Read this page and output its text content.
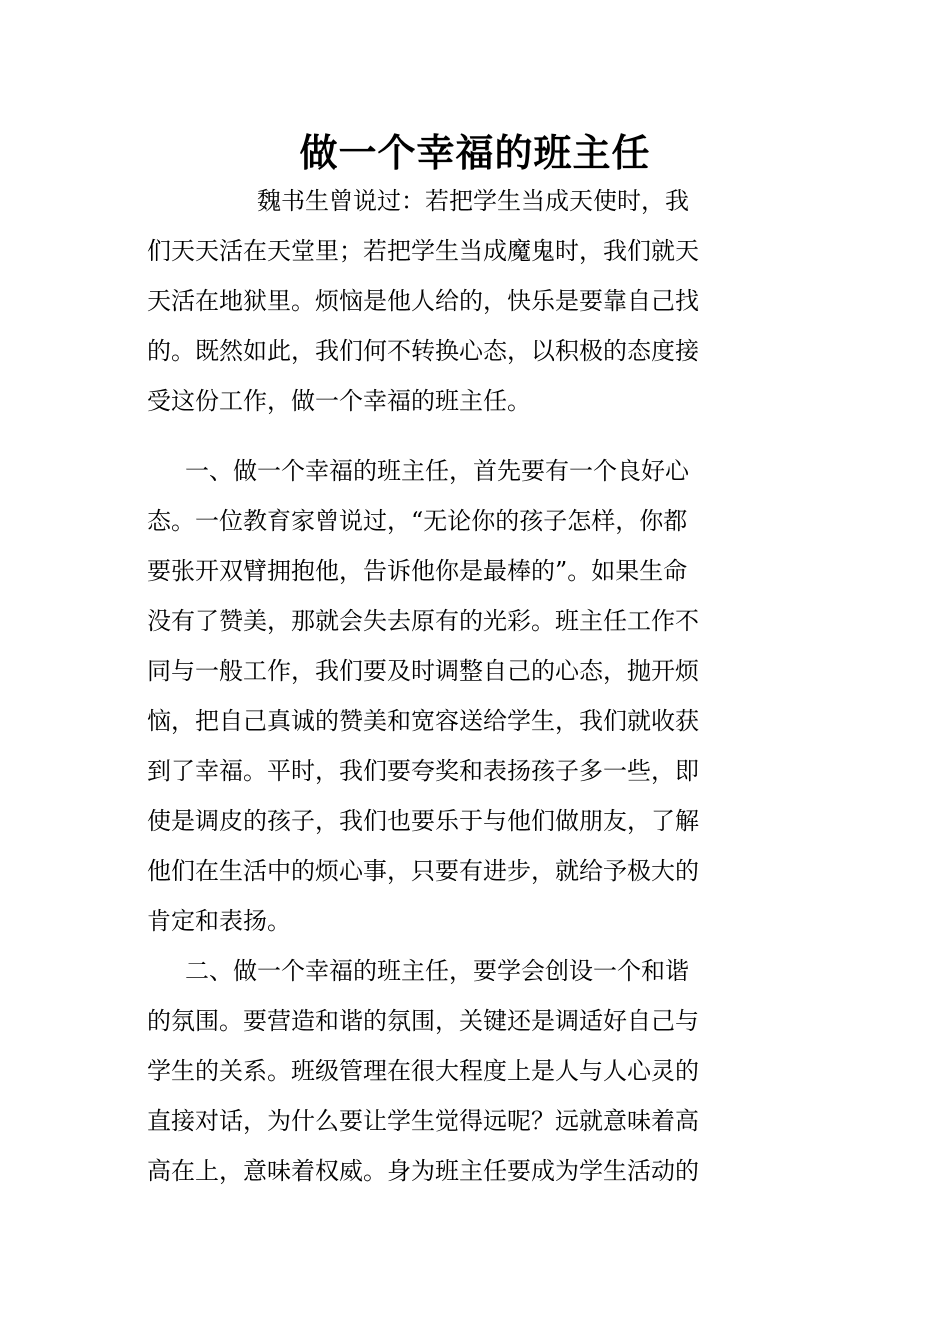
做一个幸福的班主任
魏书生曾说过：若把学生当成天使时，我
们天天活在天堂里；若把学生当成魔鬼时，我们就天
天活在地狱里。烦恼是他人给的，快乐是要靠自己找
的。既然如此，我们何不转换心态，以积极的态度接
受这份工作，做一个幸福的班主任。
一、做一个幸福的班主任，首先要有一个良好心
态。一位教育家曾说过，“无论你的孩子怎样，你都
要张开双臂拥抱他，告诉他你是最棒的”。如果生命
没有了赞美，那就会失去原有的光彩。班主任工作不
同与一般工作，我们要及时调整自己的心态，抛开烦
恼，把自己真诚的赞美和宽容送给学生，我们就收获
到了幸福。平时，我们要夸奖和表扬孩子多一些，即
使是调皮的孩子，我们也要乐于与他们做朋友，了解
他们在生活中的烦心事，只要有进步，就给予极大的
肯定和表扬。
二、做一个幸福的班主任，要学会创设一个和谐
的氛围。要营造和谐的氛围，关键还是调适好自己与
学生的关系。班级管理在很大程度上是人与人心灵的
直接对话，为什么要让学生觉得远呢？远就意味着高
高在上，意味着权威。身为班主任要成为学生活动的
